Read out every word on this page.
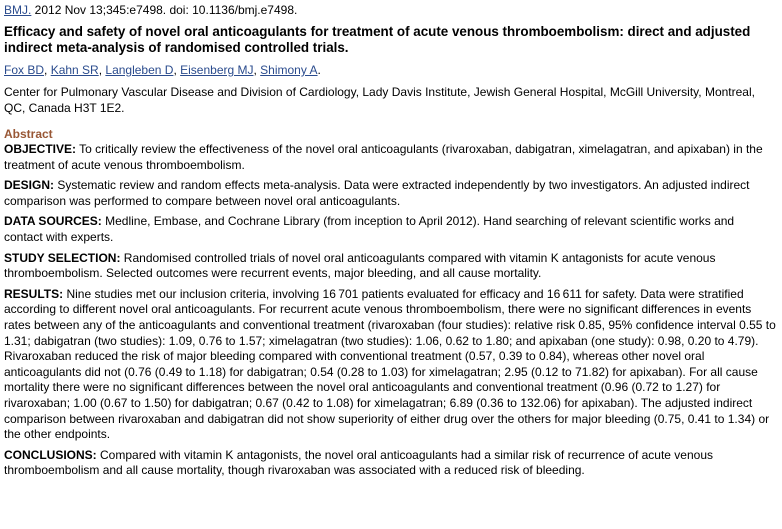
BMJ. 2012 Nov 13;345:e7498. doi: 10.1136/bmj.e7498.

Efficacy and safety of novel oral anticoagulants for treatment of acute venous thromboembolism: direct and adjusted indirect meta-analysis of randomised controlled trials.

Fox BD, Kahn SR, Langleben D, Eisenberg MJ, Shimony A.

Center for Pulmonary Vascular Disease and Division of Cardiology, Lady Davis Institute, Jewish General Hospital, McGill University, Montreal, QC, Canada H3T 1E2.

Abstract

OBJECTIVE: To critically review the effectiveness of the novel oral anticoagulants (rivaroxaban, dabigatran, ximelagatran, and apixaban) in the treatment of acute venous thromboembolism.

DESIGN: Systematic review and random effects meta-analysis. Data were extracted independently by two investigators. An adjusted indirect comparison was performed to compare between novel oral anticoagulants.

DATA SOURCES: Medline, Embase, and Cochrane Library (from inception to April 2012). Hand searching of relevant scientific works and contact with experts.

STUDY SELECTION: Randomised controlled trials of novel oral anticoagulants compared with vitamin K antagonists for acute venous thromboembolism. Selected outcomes were recurrent events, major bleeding, and all cause mortality.

RESULTS: Nine studies met our inclusion criteria, involving 16 701 patients evaluated for efficacy and 16 611 for safety. Data were stratified according to different novel oral anticoagulants. For recurrent acute venous thromboembolism, there were no significant differences in events rates between any of the anticoagulants and conventional treatment (rivaroxaban (four studies): relative risk 0.85, 95% confidence interval 0.55 to 1.31; dabigatran (two studies): 1.09, 0.76 to 1.57; ximelagatran (two studies): 1.06, 0.62 to 1.80; and apixaban (one study): 0.98, 0.20 to 4.79). Rivaroxaban reduced the risk of major bleeding compared with conventional treatment (0.57, 0.39 to 0.84), whereas other novel oral anticoagulants did not (0.76 (0.49 to 1.18) for dabigatran; 0.54 (0.28 to 1.03) for ximelagatran; 2.95 (0.12 to 71.82) for apixaban). For all cause mortality there were no significant differences between the novel oral anticoagulants and conventional treatment (0.96 (0.72 to 1.27) for rivaroxaban; 1.00 (0.67 to 1.50) for dabigatran; 0.67 (0.42 to 1.08) for ximelagatran; 6.89 (0.36 to 132.06) for apixaban). The adjusted indirect comparison between rivaroxaban and dabigatran did not show superiority of either drug over the others for major bleeding (0.75, 0.41 to 1.34) or the other endpoints.

CONCLUSIONS: Compared with vitamin K antagonists, the novel oral anticoagulants had a similar risk of recurrence of acute venous thromboembolism and all cause mortality, though rivaroxaban was associated with a reduced risk of bleeding.
